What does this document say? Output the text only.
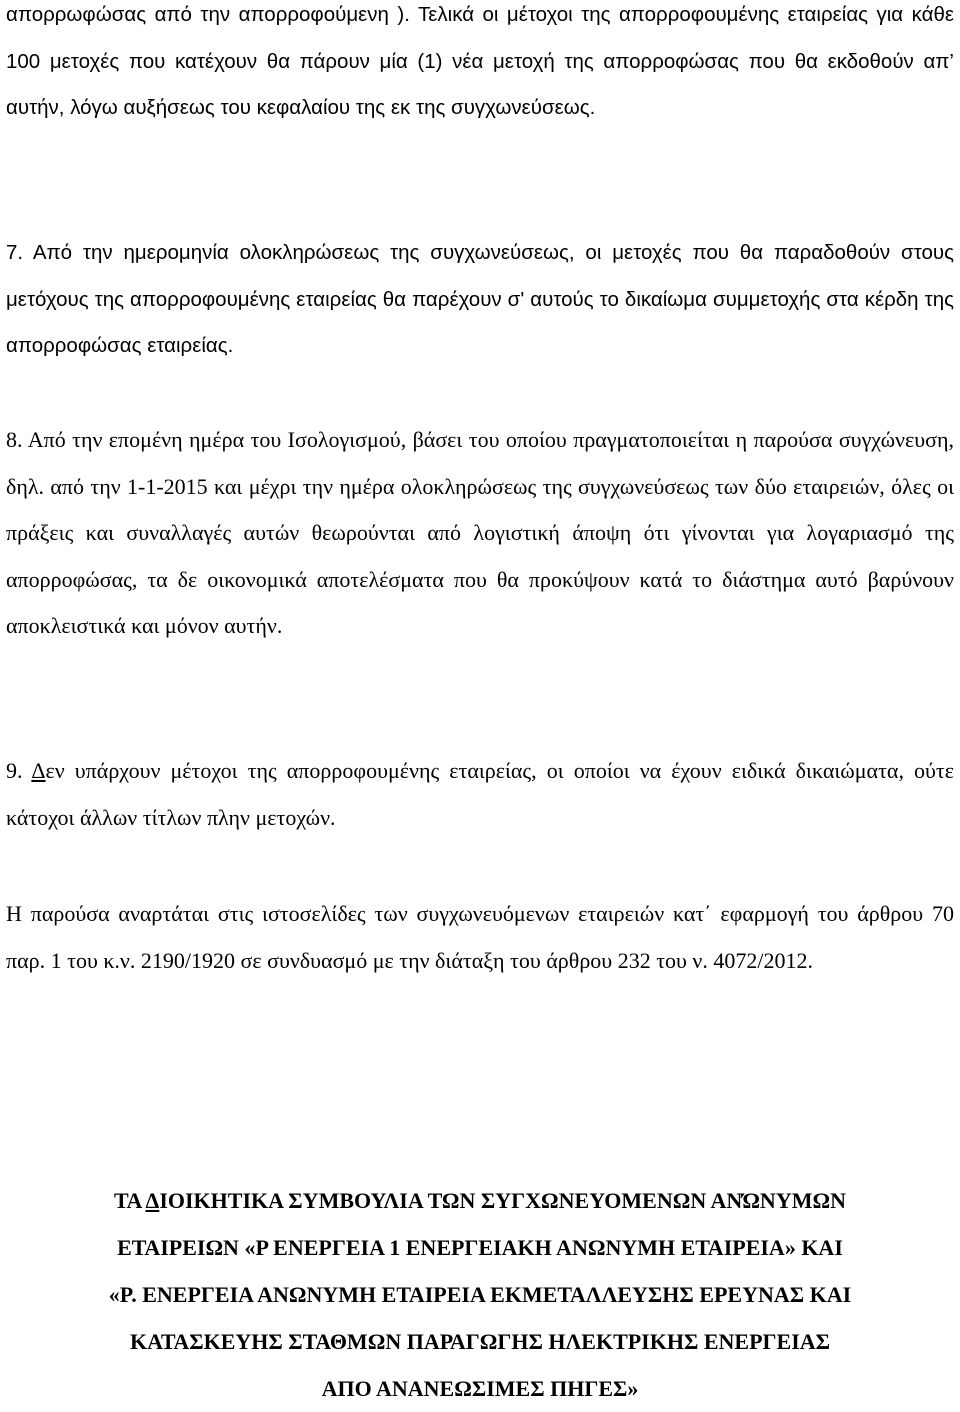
απορρωφώσας από την απορροφούμενη ). Τελικά οι μέτοχοι της απορροφουμένης εταιρείας για κάθε 100 μετοχές που κατέχουν θα πάρουν μία (1) νέα μετοχή της απορροφώσας που θα εκδοθούν απ’ αυτήν, λόγω αυξήσεως του κεφαλαίου της εκ της συγχωνεύσεως.

7. Από την ημερομηνία ολοκληρώσεως της συγχωνεύσεως, οι μετοχές που θα παραδοθούν στους μετόχους της απορροφουμένης εταιρείας θα παρέχουν σ' αυτούς το δικαίωμα συμμετοχής στα κέρδη της απορροφώσας εταιρείας.

8. Από την επομένη ημέρα του Ισολογισμού, βάσει του οποίου πραγματοποιείται η παρούσα συγχώνευση, δηλ. από την 1-1-2015 και μέχρι την ημέρα ολοκληρώσεως της συγχωνεύσεως των δύο εταιρειών, όλες οι πράξεις και συναλλαγές αυτών θεωρούνται από λογιστική άποψη ότι γίνονται για λογαριασμό της απορροφώσας, τα δε οικονομικά αποτελέσματα που θα προκύψουν κατά το διάστημα αυτό βαρύνουν αποκλειστικά και μόνον αυτήν.

9. Δεν υπάρχουν μέτοχοι της απορροφουμένης εταιρείας, οι οποίοι να έχουν ειδικά δικαιώματα, ούτε κάτοχοι άλλων τίτλων πλην μετοχών.

Η παρούσα αναρτάται στις ιστοσελίδες των συγχωνευόμενων εταιρειών κατ΄ εφαρμογή του άρθρου 70 παρ. 1 του κ.ν. 2190/1920 σε συνδυασμό με την διάταξη του άρθρου 232 του ν. 4072/2012.

ΤΑ ΔΙΟΙΚΗΤΙΚΑ ΣΥΜΒΟΥΛΙΑ ΤΩΝ ΣΥΓΧΩΝΕΥΟΜΕΝΩΝ ΑΝΏΝΥΜΩΝ

ΕΤΑΙΡΕΙΩΝ «Ρ ΕΝΕΡΓΕΙΑ 1 ΕΝΕΡΓΕΙΑΚΗ ΑΝΩΝΥΜΗ ΕΤΑΙΡΕΙΑ» ΚΑΙ

«Ρ. ΕΝΕΡΓΕΙΑ ΑΝΩΝΥΜΗ ΕΤΑΙΡΕΙΑ ΕΚΜΕΤΑΛΛΕΥΣΗΣ ΕΡΕΥΝΑΣ ΚΑΙ

ΚΑΤΑΣΚΕΥΗΣ ΣΤΑΘΜΩΝ ΠΑΡΑΓΩΓΗΣ ΗΛΕΚΤΡΙΚΗΣ ΕΝΕΡΓΕΙΑΣ

ΑΠΟ ΑΝΑΝΕΩΣΙΜΕΣ ΠΗΓΕΣ»
